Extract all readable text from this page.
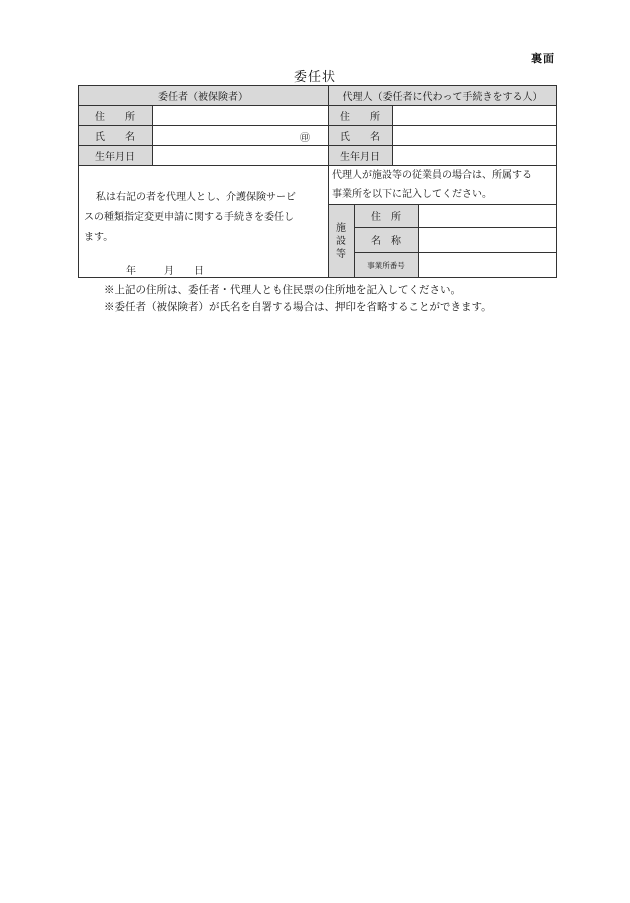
裏面
委任状
委任者（被保険者）	代理人（委任者に代わって手続きをする人）
住　　所
氏　　名
生年月日
㊞
住　　所
氏　　名
生年月日
私は右記の者を代理人とし、介護保険サービ
スの種類指定変更申請に関する手続きを委任し
ます。
年	月 日
代理人が施設等の従業員の場合は、所属する
事業所を以下に記入してください。
施
設
等
住　所
名　称
事業所番号
※上記の住所は、委任者・代理人とも住民票の住所地を記入してください。
※委任者（被保険者）が氏名を自署する場合は、押印を省略することができます。
